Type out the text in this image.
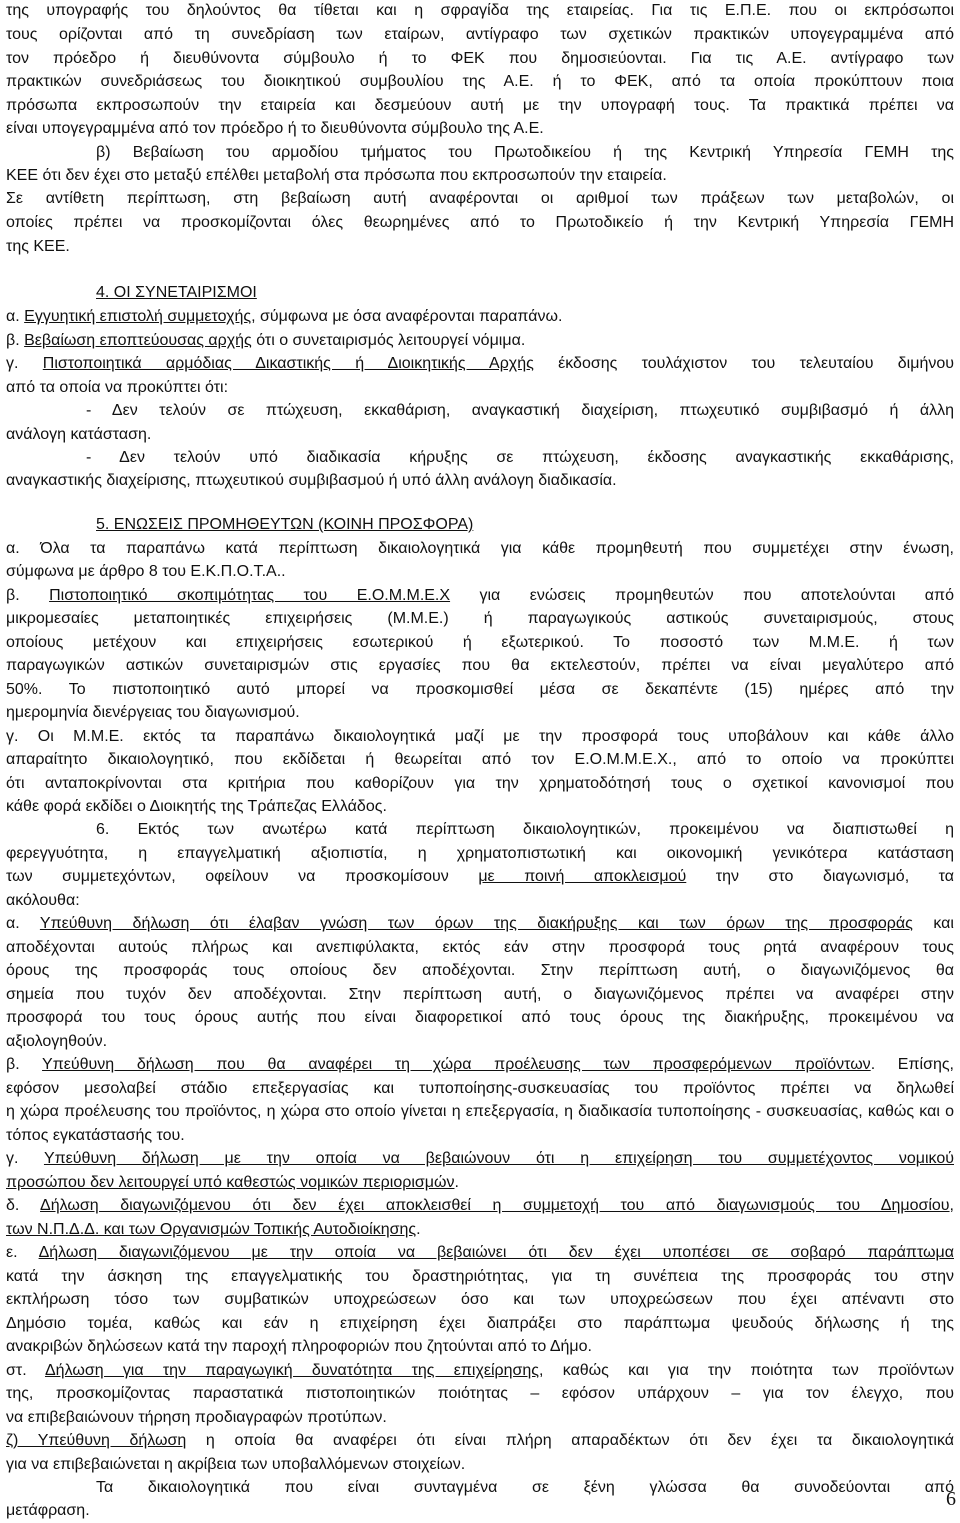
της υπογραφής του δηλούντος θα τίθεται και η σφραγίδα της εταιρείας. Για τις Ε.Π.Ε. που οι εκπρόσωποι
τους ορίζονται από τη συνεδρίαση των εταίρων, αντίγραφο των σχετικών πρακτικών υπογεγραμμένα από
τον πρόεδρο ή διευθύνοντα σύμβουλο ή το ΦΕΚ που δημοσιεύονται. Για τις Α.Ε. αντίγραφο των
πρακτικών συνεδριάσεως του διοικητικού συμβουλίου της Α.Ε. ή το ΦΕΚ, από τα οποία προκύπτουν ποια
πρόσωπα εκπροσωπούν την εταιρεία και δεσμεύουν αυτή με την υπογραφή τους. Τα πρακτικά πρέπει να
είναι υπογεγραμμένα από τον πρόεδρο ή το διευθύνοντα σύμβουλο της Α.Ε.
β) Βεβαίωση του αρμοδίου τμήματος του Πρωτοδικείου ή της Κεντρική Υπηρεσία ΓΕΜΗ της
ΚΕΕ ότι δεν έχει στο μεταξύ επέλθει μεταβολή στα πρόσωπα που εκπροσωπούν την εταιρεία.
Σε αντίθετη περίπτωση, στη βεβαίωση αυτή αναφέρονται οι αριθμοί των πράξεων των μεταβολών, οι
οποίες πρέπει να προσκομίζονται όλες θεωρημένες από το Πρωτοδικείο ή την Κεντρική Υπηρεσία ΓΕΜΗ
της ΚΕΕ.
4. ΟΙ ΣΥΝΕΤΑΙΡΙΣΜΟΙ
α. Εγγυητική επιστολή συμμετοχής, σύμφωνα με όσα αναφέρονται παραπάνω.
β. Βεβαίωση εποπτεύουσας αρχής ότι ο συνεταιρισμός λειτουργεί νόμιμα.
γ. Πιστοποιητικά αρμόδιας Δικαστικής ή Διοικητικής Αρχής έκδοσης τουλάχιστον του τελευταίου διμήνου
από τα οποία να προκύπτει ότι:
- Δεν τελούν σε πτώχευση, εκκαθάριση, αναγκαστική διαχείριση, πτωχευτικό συμβιβασμό ή άλλη
ανάλογη κατάσταση.
- Δεν τελούν υπό διαδικασία κήρυξης σε πτώχευση, έκδοσης αναγκαστικής εκκαθάρισης,
αναγκαστικής διαχείρισης, πτωχευτικού συμβιβασμού ή υπό άλλη ανάλογη διαδικασία.
5. ΕΝΩΣΕΙΣ ΠΡΟΜΗΘΕΥΤΩΝ (ΚΟΙΝΗ ΠΡΟΣΦΟΡΑ)
α. Όλα τα παραπάνω κατά περίπτωση δικαιολογητικά για κάθε προμηθευτή που συμμετέχει στην ένωση,
σύμφωνα με άρθρο 8 του Ε.Κ.Π.Ο.Τ.Α..
β. Πιστοποιητικό σκοπιμότητας του Ε.Ο.Μ.Μ.Ε.Χ για ενώσεις προμηθευτών που αποτελούνται από
μικρομεσαίες μεταποιητικές επιχειρήσεις (Μ.Μ.Ε.) ή παραγωγικούς αστικούς συνεταιρισμούς, στους
οποίους μετέχουν και επιχειρήσεις εσωτερικού ή εξωτερικού. Το ποσοστό των Μ.Μ.Ε. ή των
παραγωγικών αστικών συνεταιρισμών στις εργασίες που θα εκτελεστούν, πρέπει να είναι μεγαλύτερο από
50%. Το πιστοποιητικό αυτό μπορεί να προσκομισθεί μέσα σε δεκαπέντε (15) ημέρες από την
ημερομηνία διενέργειας του διαγωνισμού.
γ. Οι Μ.Μ.Ε. εκτός τα παραπάνω δικαιολογητικά μαζί με την προσφορά τους υποβάλουν και κάθε άλλο
απαραίτητο δικαιολογητικό, που εκδίδεται ή θεωρείται από τον Ε.Ο.Μ.Μ.Ε.Χ., από το οποίο να προκύπτει
ότι ανταποκρίνονται στα κριτήρια που καθορίζουν για την χρηματοδότησή τους ο σχετικοί κανονισμοί που
κάθε φορά εκδίδει ο Διοικητής της Τράπεζας Ελλάδος.
6. Εκτός των ανωτέρω κατά περίπτωση δικαιολογητικών, προκειμένου να διαπιστωθεί η
φερεγγυότητα, η επαγγελματική αξιοπιστία, η χρηματοπιστωτική και οικονομική γενικότερα κατάσταση
των συμμετεχόντων, οφείλουν να προσκομίσουν με ποινή αποκλεισμού την στο διαγωνισμό, τα
ακόλουθα:
α. Υπεύθυνη δήλωση ότι έλαβαν γνώση των όρων της διακήρυξης και των όρων της προσφοράς και
αποδέχονται αυτούς πλήρως και ανεπιφύλακτα, εκτός εάν στην προσφορά τους ρητά αναφέρουν τους
όρους της προσφοράς τους οποίους δεν αποδέχονται. Στην περίπτωση αυτή, ο διαγωνιζόμενος θα
σημεία που τυχόν δεν αποδέχονται. Στην περίπτωση αυτή, ο διαγωνιζόμενος πρέπει να αναφέρει στην
προσφορά του τους όρους αυτής που είναι διαφορετικοί από τους όρους της διακήρυξης, προκειμένου να
αξιολογηθούν.
β. Υπεύθυνη δήλωση που θα αναφέρει τη χώρα προέλευσης των προσφερόμενων προϊόντων. Επίσης,
εφόσον μεσολαβεί στάδιο επεξεργασίας και τυποποίησης-συσκευασίας του προϊόντος πρέπει να δηλωθεί
η χώρα προέλευσης του προϊόντος, η χώρα στο οποίο γίνεται η επεξεργασία, η διαδικασία τυποποίησης - συσκευασίας, καθώς και ο
τόπος εγκατάστασής του.
γ. Υπεύθυνη δήλωση με την οποία να βεβαιώνουν ότι η επιχείρηση του συμμετέχοντος νομικού
προσώπου δεν λειτουργεί υπό καθεστώς νομικών περιορισμών.
δ. Δήλωση διαγωνιζόμενου ότι δεν έχει αποκλεισθεί η συμμετοχή του από διαγωνισμούς του Δημοσίου,
των Ν.Π.Δ.Δ. και των Οργανισμών Τοπικής Αυτοδιοίκησης.
ε. Δήλωση διαγωνιζόμενου με την οποία να βεβαιώνει ότι δεν έχει υποπέσει σε σοβαρό παράπτωμα
κατά την άσκηση της επαγγελματικής του δραστηριότητας, για τη συνέπεια της προσφοράς του στην
εκπλήρωση τόσο των συμβατικών υποχρεώσεων όσο και των υποχρεώσεων που έχει απέναντι στο
Δημόσιο τομέα, καθώς και εάν η επιχείρηση έχει διαπράξει στο παράπτωμα ψευδούς δήλωσης ή της
ανακριβών δηλώσεων κατά την παροχή πληροφοριών που ζητούνται από το Δήμο.
στ. Δήλωση για την παραγωγική δυνατότητα της επιχείρησης, καθώς και για την ποιότητα των προϊόντων
της, προσκομίζοντας παραστατικά πιστοποιητικών ποιότητας – εφόσον υπάρχουν – για τον έλεγχο, που
να επιβεβαιώνουν τήρηση προδιαγραφών προτύπων.
ζ) Υπεύθυνη δήλωση η οποία θα αναφέρει ότι είναι πλήρη απαραδέκτων ότι δεν έχει τα δικαιολογητικά
για να επιβεβαιώνεται η ακρίβεια των υποβαλλόμενων στοιχείων.
Τα δικαιολογητικά που είναι συνταγμένα σε ξένη γλώσσα θα συνοδεύονται από
μετάφραση.
6
